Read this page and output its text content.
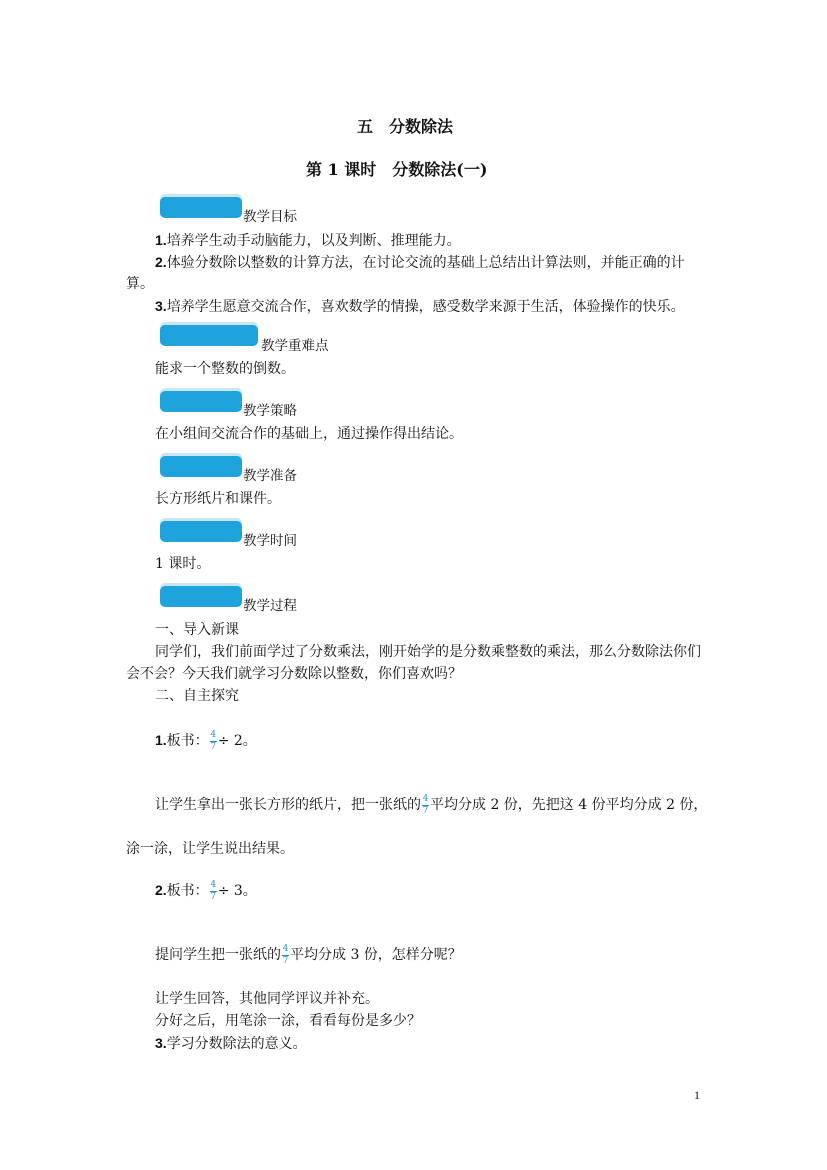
五　分数除法
第 1 课时　分数除法(一)
教学目标
1.培养学生动手动脑能力，以及判断、推理能力。
2.体验分数除以整数的计算方法，在讨论交流的基础上总结出计算法则，并能正确的计
算。
3.培养学生愿意交流合作，喜欢数学的情操，感受数学来源于生活，体验操作的快乐。
教学重难点
能求一个整数的倒数。
教学策略
在小组间交流合作的基础上，通过操作得出结论。
教学准备
长方形纸片和课件。
教学时间
1 课时。
教学过程
一、导入新课
同学们，我们前面学过了分数乘法，刚开始学的是分数乘整数的乘法，那么分数除法你们
会不会？今天我们就学习分数除以整数，你们喜欢吗？
二、自主探究
1.板书：$\frac{4}{7}\div 2$。
让学生拿出一张长方形的纸片，把一张纸的$\frac{4}{7}$平均分成 2 份，先把这 4 份平均分成 2 份，
涂一涂，让学生说出结果。
2.板书：$\frac{4}{7}\div 3$。
提问学生把一张纸的$\frac{4}{7}$平均分成 3 份，怎样分呢？
让学生回答，其他同学评议并补充。
分好之后，用笔涂一涂，看看每份是多少？
3.学习分数除法的意义。
1
